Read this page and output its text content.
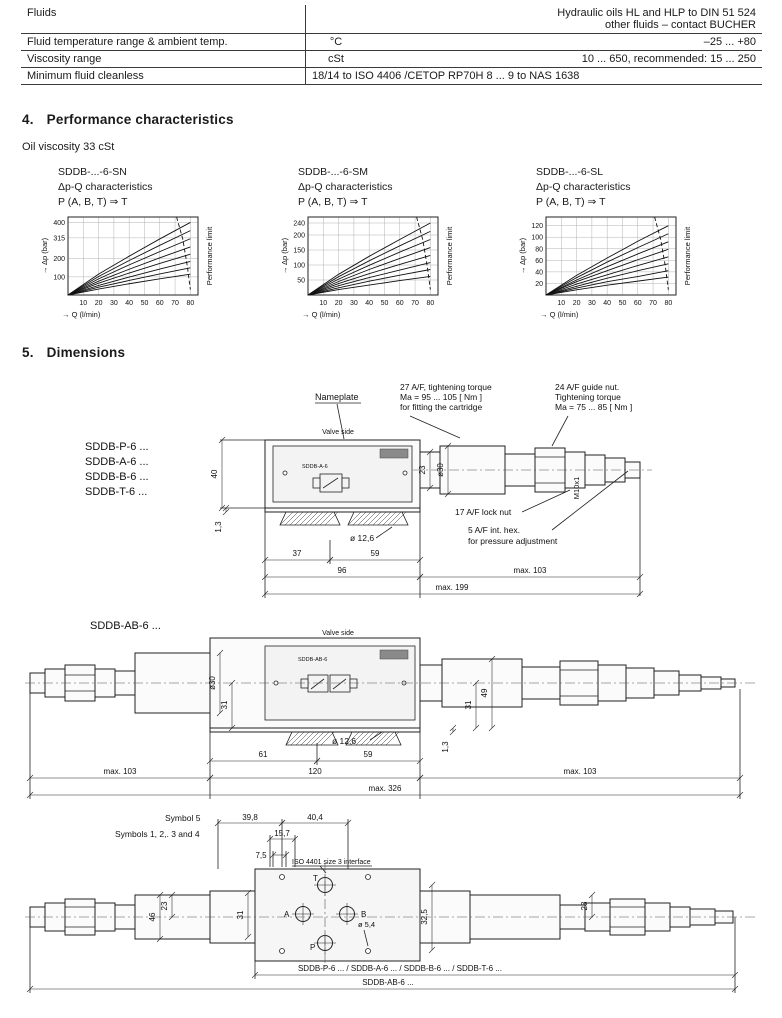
Fluids		Hydraulic oils HL and HLP to DIN 51 524
other fluids – contact BUCHER

Fluid temperature range & ambient temp.	°C	–25 ... +80
Viscosity range	cSt	10 ... 650, recommended: 15 ... 250
Minimum fluid cleanless	18/14 to ISO 4406 /CETOP RP70H 8 ... 9 to NAS 1638	
4. Performance characteristics
Oil viscosity 33 cSt
SDDB-...-6-SN
Δp-Q characteristics
P (A, B, T) ⇒ T
100
200
315
400
10 20 30 40 50 60 70 80
→ Δp (bar)
→ Q (l/min)
Performance limit
SDDB-...-6-SM
Δp-Q characteristics
P (A, B, T) ⇒ T
50
100
150
200
240
10 20 30 40 50 60 70 80
→ Δp (bar)
→ Q (l/min)
Performance limit
SDDB-...-6-SL
Δp-Q characteristics
P (A, B, T) ⇒ T
20
40
60
80
100
120
10 20 30 40 50 60 70 80
→ Δp (bar)
→ Q (l/min)
Performance limit
5. Dimensions
37	59
96	max. 103
max. 199
40
1,3
23 ø30
SDDB-P-6 ...
SDDB-A-6 ...
SDDB-B-6 ...
SDDB-T-6 ...
Nameplate
27 A/F, tightening torque
Ma = 95 ... 105 [ Nm ]
for fitting the cartridge
24 A/F guide nut.
Tightening torque
Ma = 75 ... 85 [ Nm ]
Valve side
SDDB-A-6
17 A/F lock nut
5 A/F int. hex.
for pressure adjustment
ø 12,6
M10x1
ø30
31	31
49
1,3
61	59
max. 103	120	max. 103
max. 326
SDDB-AB-6 ...
Valve side
SDDB-AB-6
ø 12,6
39,8	40,4
15,7
7,5
23
46	31	32,5
23
SDDB-P-6 ... / SDDB-A-6 ... / SDDB-B-6 ... / SDDB-T-6 ...
SDDB-AB-6 ...
Symbol 5
Symbols 1, 2,. 3 and 4
ISO 4401 size 3 interface
T
A	B
P
ø 5,4
